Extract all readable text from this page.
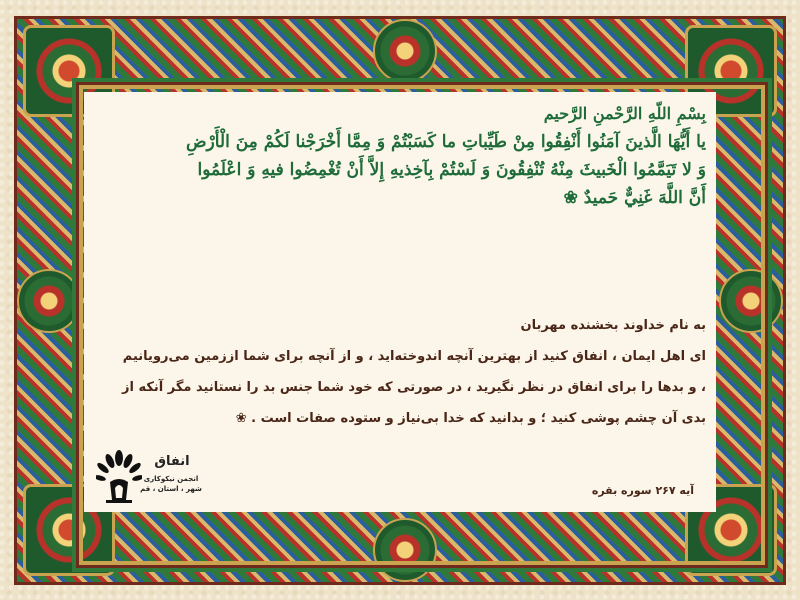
بِسْمِ اللّهِ الرَّحْمنِ الرَّحيم
يا أَيُّهَا الَّذينَ آمَنُوا أَنْفِقُوا مِنْ طَيِّباتِ ما كَسَبْتُمْ وَ مِمَّا أَخْرَجْنا لَكُمْ مِنَ الْأَرْضِ
وَ لا تَيَمَّمُوا الْخَبيثَ مِنْهُ تُنْفِقُونَ وَ لَسْتُمْ بِآخِذيهِ إِلاَّ أَنْ تُغْمِضُوا فيهِ وَ اعْلَمُوا
أَنَّ اللَّهَ غَنِيٌّ حَميدٌ ❀
به نام خداوند بخشنده مهربان
ای اهل ایمان ، انفاق کنید از بهترین آنچه اندوخته‌اید ، و از آنچه برای شما اززمین می‌رویانیم
، و بدها را برای انفاق در نظر نگیرید ، در صورتی که خود شما جنس بد را نستانید مگر آنکه از
بدی آن چشم پوشی کنید ؛ و بدانید که خدا بی‌نیاز و ستوده صفات است . ❀
انفاق
انجمن نیکوکاری
شهر ، استان ، قم	آیه ۲۶۷ سوره بقره
